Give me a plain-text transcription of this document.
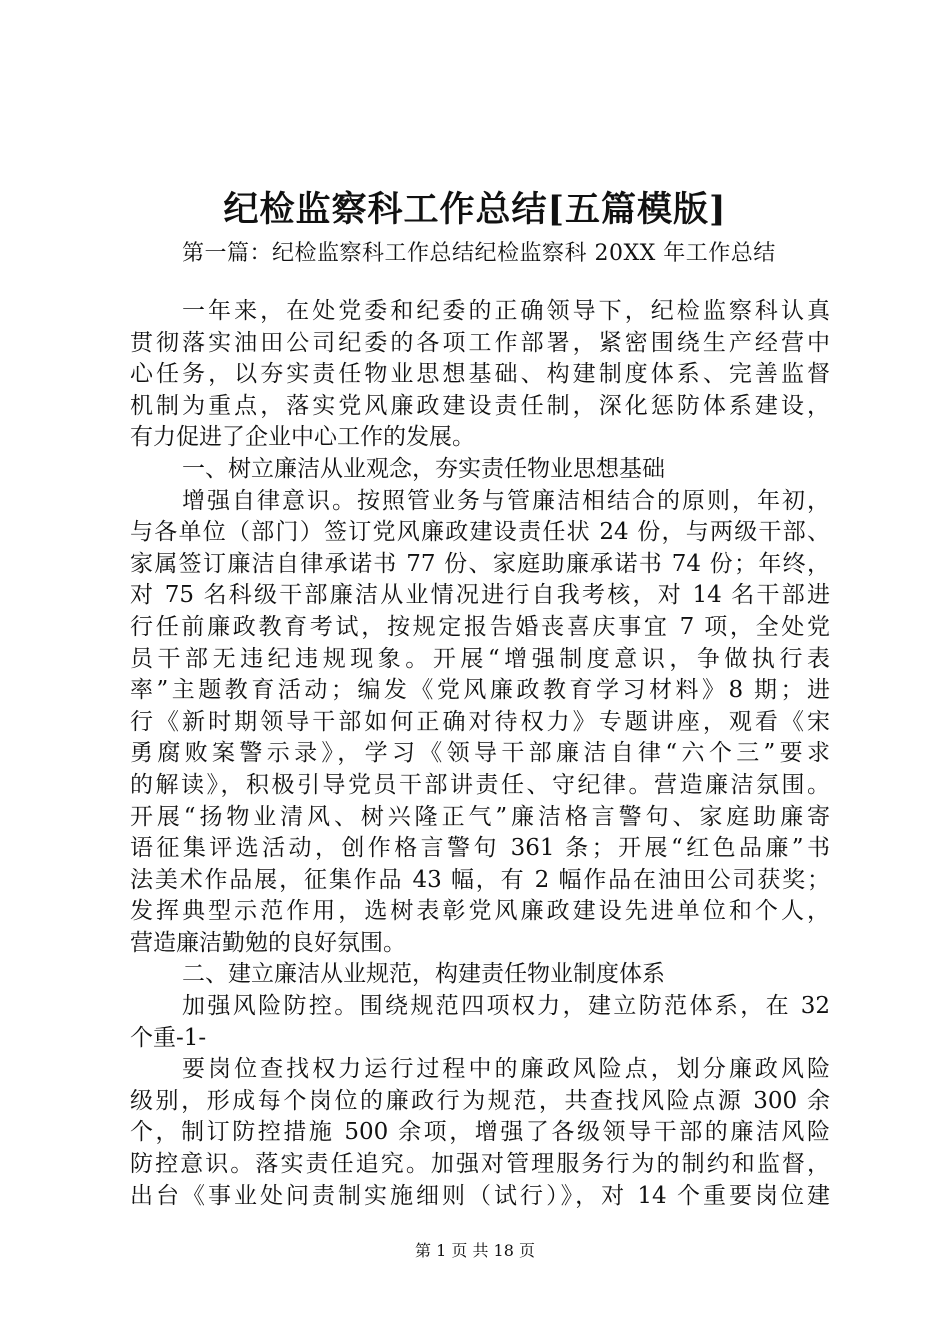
纪检监察科工作总结[五篇模版]

第一篇：纪检监察科工作总结纪检监察科 20XX 年工作总结

一年来，在处党委和纪委的正确领导下，纪检监察科认真

贯彻落实油田公司纪委的各项工作部署，紧密围绕生产经营中

心任务，以夯实责任物业思想基础、构建制度体系、完善监督

机制为重点，落实党风廉政建设责任制，深化惩防体系建设，

有力促进了企业中心工作的发展。

一、树立廉洁从业观念，夯实责任物业思想基础

增强自律意识。按照管业务与管廉洁相结合的原则，年初，

与各单位（部门）签订党风廉政建设责任状 24 份，与两级干部、

家属签订廉洁自律承诺书 77 份、家庭助廉承诺书 74 份；年终，

对 75 名科级干部廉洁从业情况进行自我考核，对 14 名干部进

行任前廉政教育考试，按规定报告婚丧喜庆事宜 7 项，全处党

员干部无违纪违规现象。开展“增强制度意识，争做执行表

率”主题教育活动；编发《党风廉政教育学习材料》8 期；进

行《新时期领导干部如何正确对待权力》专题讲座，观看《宋

勇腐败案警示录》，学习《领导干部廉洁自律“六个三”要求

的解读》，积极引导党员干部讲责任、守纪律。营造廉洁氛围。

开展“扬物业清风、树兴隆正气”廉洁格言警句、家庭助廉寄

语征集评选活动，创作格言警句 361 条；开展“红色品廉”书

法美术作品展，征集作品 43 幅，有 2 幅作品在油田公司获奖；

发挥典型示范作用，选树表彰党风廉政建设先进单位和个人，

营造廉洁勤勉的良好氛围。

二、建立廉洁从业规范，构建责任物业制度体系

加强风险防控。围绕规范四项权力，建立防范体系，在 32

个重-1-

要岗位查找权力运行过程中的廉政风险点，划分廉政风险

级别，形成每个岗位的廉政行为规范，共查找风险点源 300 余

个，制订防控措施 500 余项，增强了各级领导干部的廉洁风险

防控意识。落实责任追究。加强对管理服务行为的制约和监督，

出台《事业处问责制实施细则（试行）》，对 14 个重要岗位建

第 1 页 共 18 页
